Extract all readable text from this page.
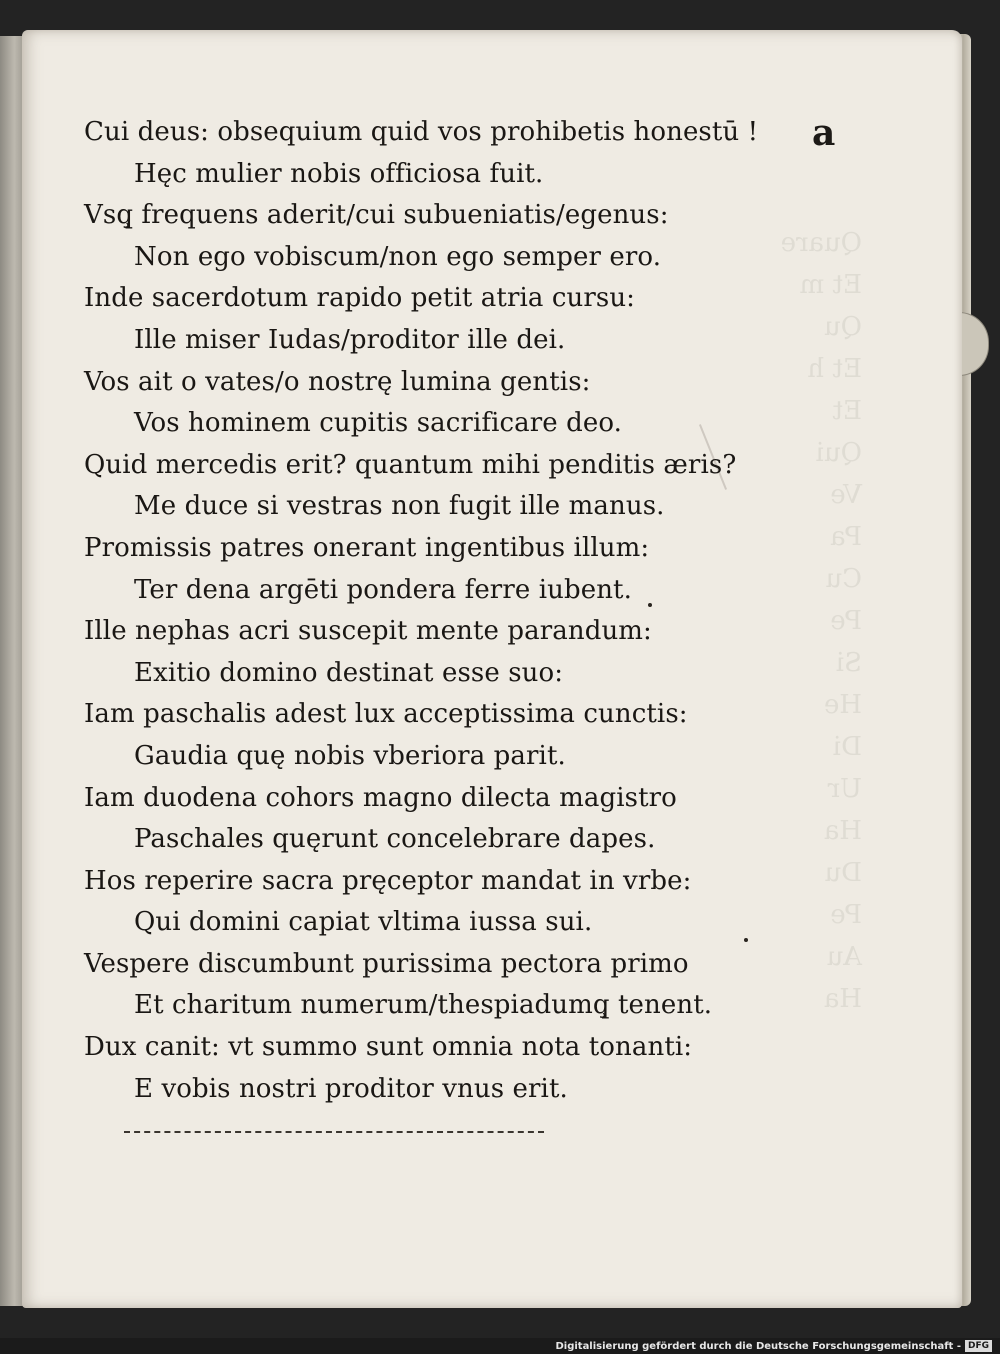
Quare
Et m
Qu
Et h
Et
Qui
Ve
Pa
Cu
Pe
Si
He
Di
Ur
Ha
Du
Pe
Au
Ha

a
Cui deus: obsequium quid vos prohibetis honestū !
Hęc mulier nobis officiosa fuit.
Vsq̧ frequens aderit/cui subueniatis/egenus:
Non ego vobiscum/non ego semper ero.
Inde sacerdotum rapido petit atria cursu:
Ille miser Iudas/proditor ille dei.
Vos ait o vates/o nostrę lumina gentis:
Vos hominem cupitis sacrificare deo.
Quid mercedis erit? quantum mihi penditis æris?
Me duce si vestras non fugit ille manus.
Promissis patres onerant ingentibus illum:
Ter dena argēti pondera ferre iubent.
Ille nephas acri suscepit mente parandum:
Exitio domino destinat esse suo:
Iam paschalis adest lux acceptissima cunctis:
Gaudia quę nobis vberiora parit.
Iam duodena cohors magno dilecta magistro
Paschales quęrunt concelebrare dapes.
Hos reperire sacra pręceptor mandat in vrbe:
Qui domini capiat vltima iussa sui.
Vespere discumbunt purissima pectora primo
Et charitum numerum/thespiadumq̧ tenent.
Dux canit: vt summo sunt omnia nota tonanti:
E vobis nostri proditor vnus erit.
Digitalisierung gefördert durch die Deutsche Forschungsgemeinschaft - DFG
